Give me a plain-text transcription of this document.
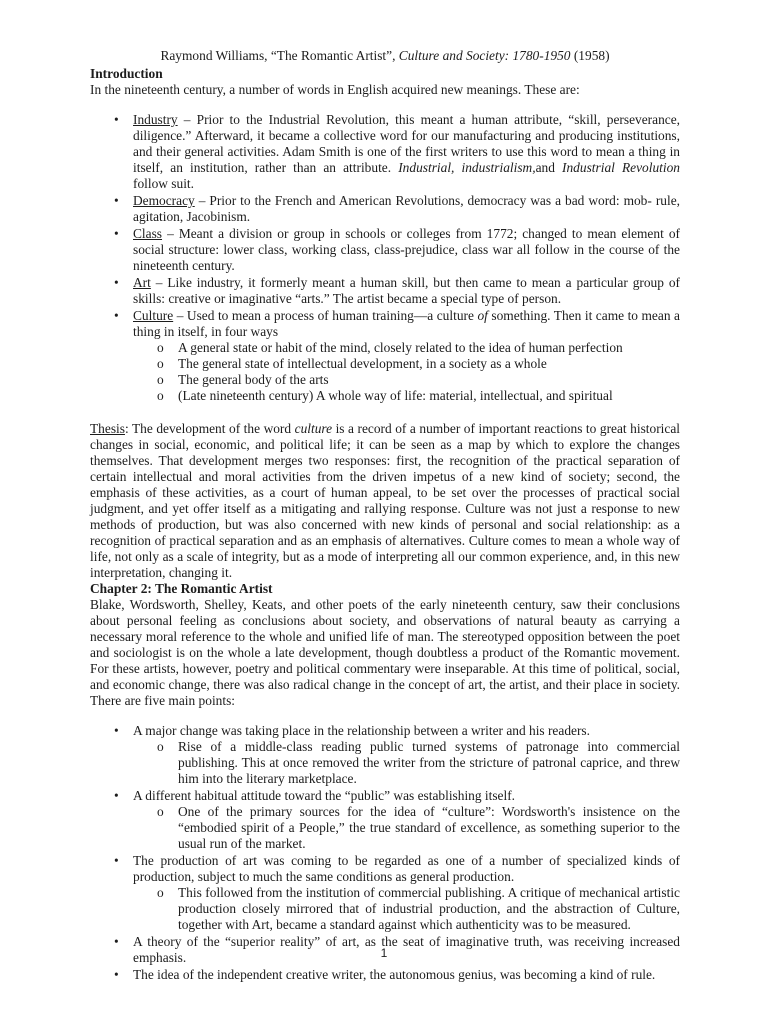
Raymond Williams, “The Romantic Artist”, Culture and Society: 1780-1950 (1958)

Introduction

In the nineteenth century, a number of words in English acquired new meanings. These are:

• Industry – Prior to the Industrial Revolution, this meant a human attribute, “skill, perseverance, diligence.” Afterward, it became a collective word for our manufacturing and producing institutions, and their general activities. Adam Smith is one of the first writers to use this word to mean a thing in itself, an institution, rather than an attribute. Industrial, industrialism,and Industrial Revolution follow suit.
• Democracy – Prior to the French and American Revolutions, democracy was a bad word: mob- rule, agitation, Jacobinism.
• Class – Meant a division or group in schools or colleges from 1772; changed to mean element of social structure: lower class, working class, class-prejudice, class war all follow in the course of the nineteenth century.
• Art – Like industry, it formerly meant a human skill, but then came to mean a particular group of skills: creative or imaginative “arts.” The artist became a special type of person.
• Culture – Used to mean a process of human training—a culture of something. Then it came to mean a thing in itself, in four ways
o A general state or habit of the mind, closely related to the idea of human perfection
o The general state of intellectual development, in a society as a whole
o The general body of the arts
o (Late nineteenth century) A whole way of life: material, intellectual, and spiritual

Thesis: The development of the word culture is a record of a number of important reactions to great historical changes in social, economic, and political life; it can be seen as a map by which to explore the changes themselves. That development merges two responses: first, the recognition of the practical separation of certain intellectual and moral activities from the driven impetus of a new kind of society; second, the emphasis of these activities, as a court of human appeal, to be set over the processes of practical social judgment, and yet offer itself as a mitigating and rallying response. Culture was not just a response to new methods of production, but was also concerned with new kinds of personal and social relationship: as a recognition of practical separation and as an emphasis of alternatives. Culture comes to mean a whole way of life, not only as a scale of integrity, but as a mode of interpreting all our common experience, and, in this new interpretation, changing it.

Chapter 2: The Romantic Artist

Blake, Wordsworth, Shelley, Keats, and other poets of the early nineteenth century, saw their conclusions about personal feeling as conclusions about society, and observations of natural beauty as carrying a necessary moral reference to the whole and unified life of man. The stereotyped opposition between the poet and sociologist is on the whole a late development, though doubtless a product of the Romantic movement. For these artists, however, poetry and political commentary were inseparable. At this time of political, social, and economic change, there was also radical change in the concept of art, the artist, and their place in society. There are five main points:

• A major change was taking place in the relationship between a writer and his readers.
o Rise of a middle-class reading public turned systems of patronage into commercial publishing. This at once removed the writer from the stricture of patronal caprice, and threw him into the literary marketplace.
• A different habitual attitude toward the “public” was establishing itself.
o One of the primary sources for the idea of “culture”: Wordsworth's insistence on the “embodied spirit of a People,” the true standard of excellence, as something superior to the usual run of the market.
• The production of art was coming to be regarded as one of a number of specialized kinds of production, subject to much the same conditions as general production.
o This followed from the institution of commercial publishing. A critique of mechanical artistic production closely mirrored that of industrial production, and the abstraction of Culture, together with Art, became a standard against which authenticity was to be measured.
• A theory of the “superior reality” of art, as the seat of imaginative truth, was receiving increased emphasis.
• The idea of the independent creative writer, the autonomous genius, was becoming a kind of rule.
1
